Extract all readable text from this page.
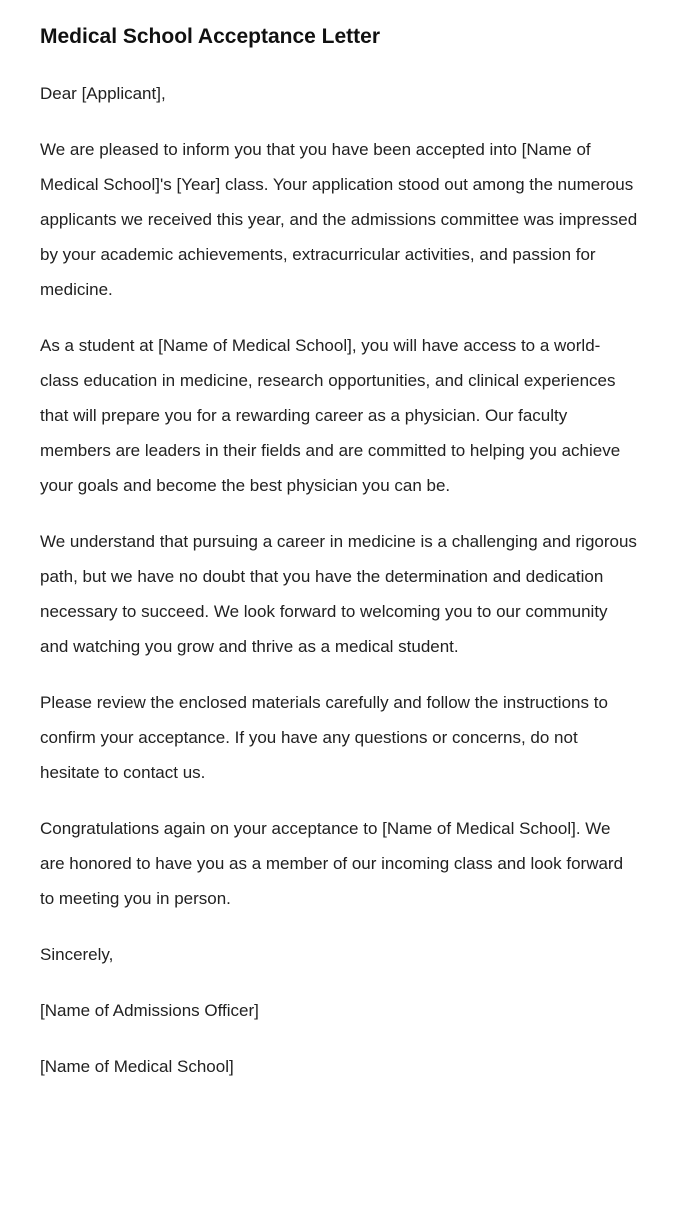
Medical School Acceptance Letter

Dear [Applicant],

We are pleased to inform you that you have been accepted into [Name of Medical School]'s [Year] class. Your application stood out among the numerous applicants we received this year, and the admissions committee was impressed by your academic achievements, extracurricular activities, and passion for medicine.

As a student at [Name of Medical School], you will have access to a world-class education in medicine, research opportunities, and clinical experiences that will prepare you for a rewarding career as a physician. Our faculty members are leaders in their fields and are committed to helping you achieve your goals and become the best physician you can be.

We understand that pursuing a career in medicine is a challenging and rigorous path, but we have no doubt that you have the determination and dedication necessary to succeed. We look forward to welcoming you to our community and watching you grow and thrive as a medical student.

Please review the enclosed materials carefully and follow the instructions to confirm your acceptance. If you have any questions or concerns, do not hesitate to contact us.

Congratulations again on your acceptance to [Name of Medical School]. We are honored to have you as a member of our incoming class and look forward to meeting you in person.

Sincerely,

[Name of Admissions Officer]

[Name of Medical School]
